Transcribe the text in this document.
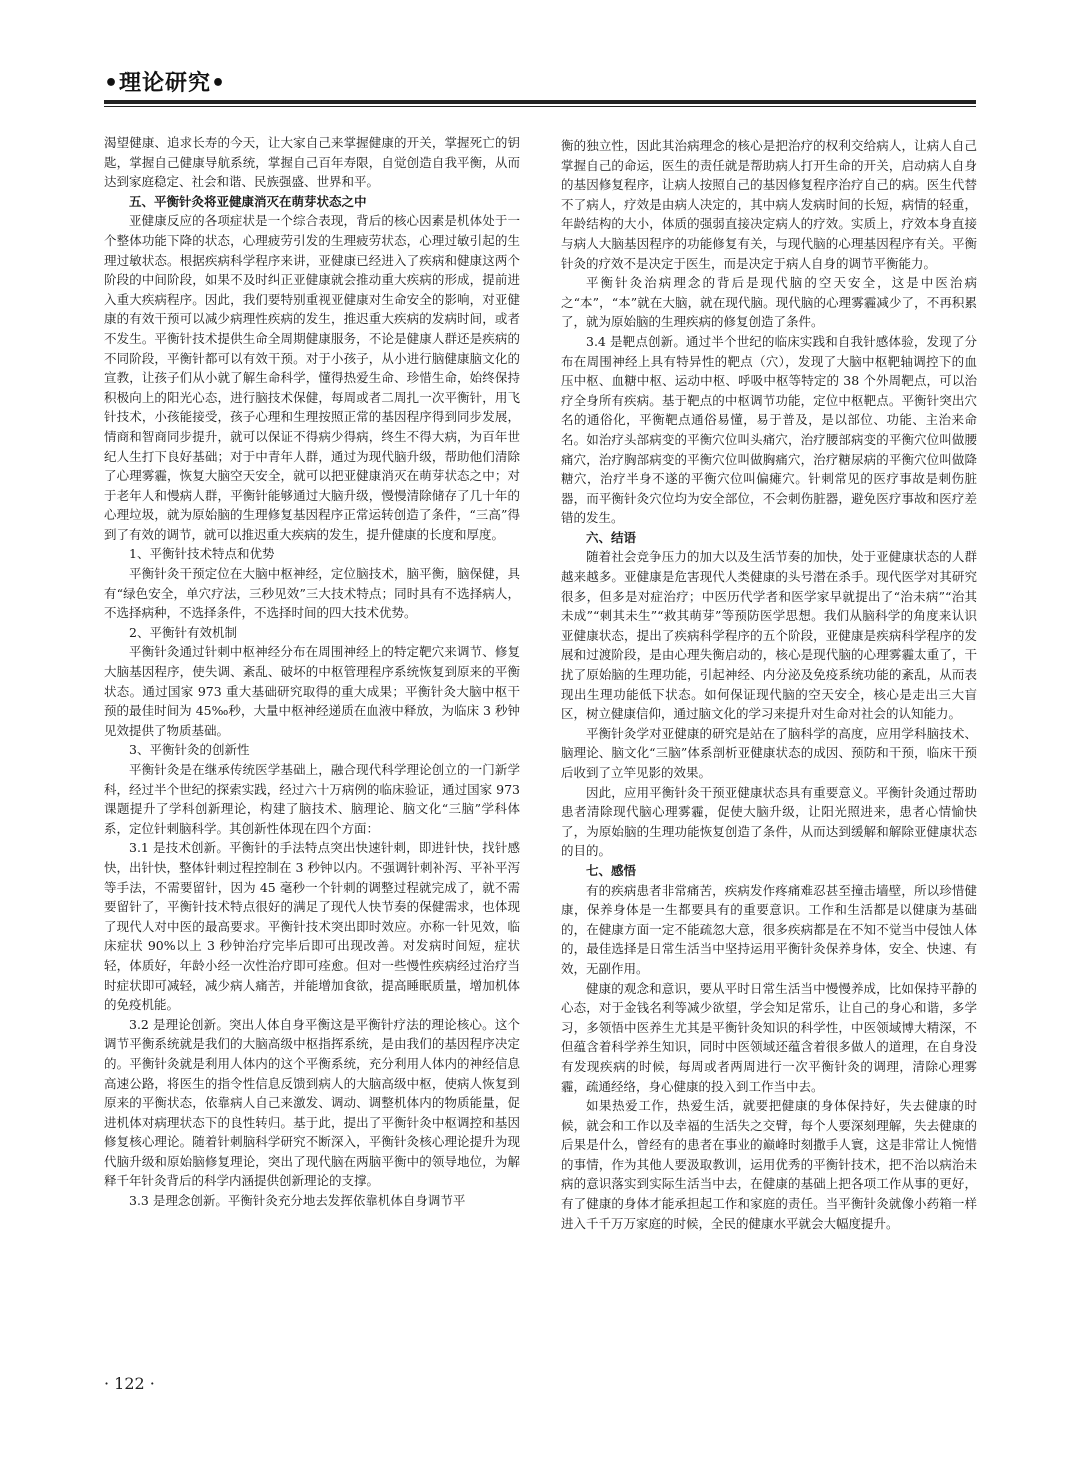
•理论研究•

渴望健康、追求长寿的今天，让大家自己来掌握健康的开关，掌握死亡的钥匙，掌握自己健康导航系统，掌握自己百年寿限，自觉创造自我平衡，从而达到家庭稳定、社会和谐、民族强盛、世界和平。

五、平衡针灸将亚健康消灭在萌芽状态之中

亚健康反应的各项症状是一个综合表现，背后的核心因素是机体处于一个整体功能下降的状态，心理疲劳引发的生理疲劳状态，心理过敏引起的生理过敏状态。根据疾病科学程序来讲，亚健康已经进入了疾病和健康这两个阶段的中间阶段，如果不及时纠正亚健康就会推动重大疾病的形成，提前进入重大疾病程序。因此，我们要特别重视亚健康对生命安全的影响，对亚健康的有效干预可以减少病理性疾病的发生，推迟重大疾病的发病时间，或者不发生。平衡针技术提供生命全周期健康服务，不论是健康人群还是疾病的不同阶段，平衡针都可以有效干预。对于小孩子，从小进行脑健康脑文化的宣教，让孩子们从小就了解生命科学，懂得热爱生命、珍惜生命，始终保持积极向上的阳光心态，进行脑技术保健，每周或者二周扎一次平衡针，用飞针技术，小孩能接受，孩子心理和生理按照正常的基因程序得到同步发展，情商和智商同步提升，就可以保证不得病少得病，终生不得大病，为百年世纪人生打下良好基础；对于中青年人群，通过为现代脑升级，帮助他们清除了心理雾霾，恢复大脑空天安全，就可以把亚健康消灭在萌芽状态之中；对于老年人和慢病人群，平衡针能够通过大脑升级，慢慢清除储存了几十年的心理垃圾，就为原始脑的生理修复基因程序正常运转创造了条件，“三高”得到了有效的调节，就可以推迟重大疾病的发生，提升健康的长度和厚度。

1、平衡针技术特点和优势

平衡针灸干预定位在大脑中枢神经，定位脑技术，脑平衡，脑保健，具有“绿色安全，单穴疗法，三秒见效”三大技术特点；同时具有不选择病人，不选择病种，不选择条件，不选择时间的四大技术优势。

2、平衡针有效机制

平衡针灸通过针刺中枢神经分布在周围神经上的特定靶穴来调节、修复大脑基因程序，使失调、紊乱、破坏的中枢管理程序系统恢复到原来的平衡状态。通过国家 973 重大基础研究取得的重大成果；平衡针灸大脑中枢干预的最佳时间为 45‰秒，大量中枢神经递质在血液中释放，为临床 3 秒钟见效提供了物质基础。

3、平衡针灸的创新性

平衡针灸是在继承传统医学基础上，融合现代科学理论创立的一门新学科，经过半个世纪的探索实践，经过六十万病例的临床验证，通过国家 973 课题提升了学科创新理论，构建了脑技术、脑理论、脑文化“三脑”学科体系，定位针刺脑科学。其创新性体现在四个方面：

3.1 是技术创新。平衡针的手法特点突出快速针刺，即进针快，找针感快，出针快，整体针刺过程控制在 3 秒钟以内。不强调针刺补泻、平补平泻等手法，不需要留针，因为 45 毫秒一个针刺的调整过程就完成了，就不需要留针了，平衡针技术特点很好的满足了现代人快节奏的保健需求，也体现了现代人对中医的最高要求。平衡针技术突出即时效应。亦称一针见效，临床症状 90%以上 3 秒钟治疗完毕后即可出现改善。对发病时间短，症状轻，体质好，年龄小经一次性治疗即可痊愈。但对一些慢性疾病经过治疗当时症状即可减轻，减少病人痛苦，并能增加食欲，提高睡眠质量，增加机体的免疫机能。

3.2 是理论创新。突出人体自身平衡这是平衡针疗法的理论核心。这个调节平衡系统就是我们的大脑高级中枢指挥系统，是由我们的基因程序决定的。平衡针灸就是利用人体内的这个平衡系统，充分利用人体内的神经信息高速公路，将医生的指令性信息反馈到病人的大脑高级中枢，使病人恢复到原来的平衡状态，依靠病人自己来激发、调动、调整机体内的物质能量，促进机体对病理状态下的良性转归。基于此，提出了平衡针灸中枢调控和基因修复核心理论。随着针刺脑科学研究不断深入，平衡针灸核心理论提升为现代脑升级和原始脑修复理论，突出了现代脑在两脑平衡中的领导地位，为解释千年针灸背后的科学内涵提供创新理论的支撑。

3.3 是理念创新。平衡针灸充分地去发挥依靠机体自身调节平

衡的独立性，因此其治病理念的核心是把治疗的权利交给病人，让病人自己掌握自己的命运，医生的责任就是帮助病人打开生命的开关，启动病人自身的基因修复程序，让病人按照自己的基因修复程序治疗自己的病。医生代替不了病人，疗效是由病人决定的，其中病人发病时间的长短，病情的轻重，年龄结构的大小，体质的强弱直接决定病人的疗效。实质上，疗效本身直接与病人大脑基因程序的功能修复有关，与现代脑的心理基因程序有关。平衡针灸的疗效不是决定于医生，而是决定于病人自身的调节平衡能力。

平衡针灸治病理念的背后是现代脑的空天安全，这是中医治病之“本”，“本”就在大脑，就在现代脑。现代脑的心理雾霾减少了，不再积累了，就为原始脑的生理疾病的修复创造了条件。

3.4 是靶点创新。通过半个世纪的临床实践和自我针感体验，发现了分布在周围神经上具有特异性的靶点（穴），发现了大脑中枢靶轴调控下的血压中枢、血糖中枢、运动中枢、呼吸中枢等特定的 38 个外周靶点，可以治疗全身所有疾病。基于靶点的中枢调节功能，定位中枢靶点。平衡针突出穴名的通俗化，平衡靶点通俗易懂，易于普及，是以部位、功能、主治来命名。如治疗头部病变的平衡穴位叫头痛穴，治疗腰部病变的平衡穴位叫做腰痛穴，治疗胸部病变的平衡穴位叫做胸痛穴，治疗糖尿病的平衡穴位叫做降糖穴，治疗半身不遂的平衡穴位叫偏瘫穴。针刺常见的医疗事故是刺伤脏器，而平衡针灸穴位均为安全部位，不会刺伤脏器，避免医疗事故和医疗差错的发生。

六、结语

随着社会竞争压力的加大以及生活节奏的加快，处于亚健康状态的人群越来越多。亚健康是危害现代人类健康的头号潜在杀手。现代医学对其研究很多，但多是对症治疗；中医历代学者和医学家早就提出了“治未病”“治其未成”“刺其未生”“救其萌芽”等预防医学思想。我们从脑科学的角度来认识亚健康状态，提出了疾病科学程序的五个阶段，亚健康是疾病科学程序的发展和过渡阶段，是由心理失衡启动的，核心是现代脑的心理雾霾太重了，干扰了原始脑的生理功能，引起神经、内分泌及免疫系统功能的紊乱，从而表现出生理功能低下状态。如何保证现代脑的空天安全，核心是走出三大盲区，树立健康信仰，通过脑文化的学习来提升对生命对社会的认知能力。

平衡针灸学对亚健康的研究是站在了脑科学的高度，应用学科脑技术、脑理论、脑文化“三脑”体系剖析亚健康状态的成因、预防和干预，临床干预后收到了立竿见影的效果。

因此，应用平衡针灸干预亚健康状态具有重要意义。平衡针灸通过帮助患者清除现代脑心理雾霾，促使大脑升级，让阳光照进来，患者心情愉快了，为原始脑的生理功能恢复创造了条件，从而达到缓解和解除亚健康状态的目的。

七、感悟

有的疾病患者非常痛苦，疾病发作疼痛难忍甚至撞击墙壁，所以珍惜健康，保养身体是一生都要具有的重要意识。工作和生活都是以健康为基础的，在健康方面一定不能疏忽大意，很多疾病都是在不知不觉当中侵蚀人体的，最佳选择是日常生活当中坚持运用平衡针灸保养身体，安全、快速、有效，无副作用。

健康的观念和意识，要从平时日常生活当中慢慢养成，比如保持平静的心态，对于金钱名利等减少欲望，学会知足常乐，让自己的身心和谐，多学习，多领悟中医养生尤其是平衡针灸知识的科学性，中医领域博大精深，不但蕴含着科学养生知识，同时中医领域还蕴含着很多做人的道理，在自身没有发现疾病的时候，每周或者两周进行一次平衡针灸的调理，清除心理雾霾，疏通经络，身心健康的投入到工作当中去。

如果热爱工作，热爱生活，就要把健康的身体保持好，失去健康的时候，就会和工作以及幸福的生活失之交臂，每个人要深刻理解，失去健康的后果是什么，曾经有的患者在事业的巅峰时刻撒手人寰，这是非常让人惋惜的事情，作为其他人要汲取教训，运用优秀的平衡针技术，把不治以病治未病的意识落实到实际生活当中去，在健康的基础上把各项工作从事的更好，有了健康的身体才能承担起工作和家庭的责任。当平衡针灸就像小药箱一样进入千千万万家庭的时候，全民的健康水平就会大幅度提升。

· 122 ·
